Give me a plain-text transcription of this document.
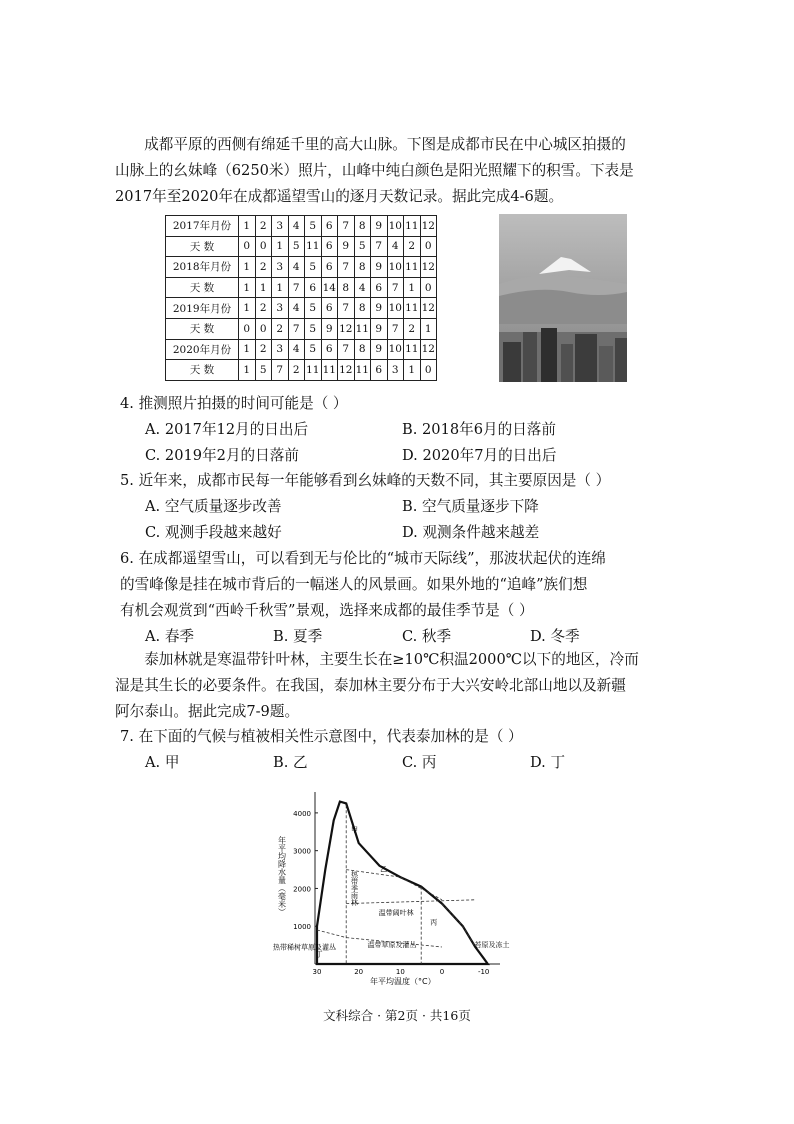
成都平原的西侧有绵延千里的高大山脉。下图是成都市民在中心城区拍摄的
山脉上的幺妹峰（6250米）照片，山峰中纯白颜色是阳光照耀下的积雪。下表是
2017年至2020年在成都遥望雪山的逐月天数记录。据此完成4-6题。
2017年月份	1	2	3	4	5	6	7	8	9	10	11	12
天 数	0	0	1	5	11	6	9	5	7	4	2	0
2018年月份	1	2	3	4	5	6	7	8	9	10	11	12
天 数	1	1	1	7	6	14	8	4	6	7	1	0
2019年月份	1	2	3	4	5	6	7	8	9	10	11	12
天 数	0	0	2	7	5	9	12	11	9	7	2	1
2020年月份	1	2	3	4	5	6	7	8	9	10	11	12
天 数	1	5	7	2	11	11	12	11	6	3	1	0
4. 推测照片拍摄的时间可能是（ ）
A. 2017年12月的日出后	B. 2018年6月的日落前
C. 2019年2月的日落前	D. 2020年7月的日出后
5. 近年来，成都市民每一年能够看到幺妹峰的天数不同，其主要原因是（ ）
A. 空气质量逐步改善	B. 空气质量逐步下降
C. 观测手段越来越好	D. 观测条件越来越差
6. 在成都遥望雪山，可以看到无与伦比的“城市天际线”，那波状起伏的连绵
的雪峰像是挂在城市背后的一幅迷人的风景画。如果外地的“追峰”族们想
有机会观赏到“西岭千秋雪”景观，选择来成都的最佳季节是（ ）
A. 春季	B. 夏季	C. 秋季	D. 冬季
泰加林就是寒温带针叶林，主要生长在≥10℃积温2000℃以下的地区，冷而
湿是其生长的必要条件。在我国，泰加林主要分布于大兴安岭北部山地以及新疆
阿尔泰山。据此完成7-9题。
7. 在下面的气候与植被相关性示意图中，代表泰加林的是（ ）
A. 甲	B. 乙	C. 丙	D. 丁
年平均降水量（毫米）
1000
2000
3000
4000
30	20	10	0	-10
甲
乙
热带季雨林
温带阔叶林
丙
苔原及冻土
热带稀树草原及灌丛	温带草原及灌丛
丁
年平均温度（°C）
文科综合 · 第2页 · 共16页
